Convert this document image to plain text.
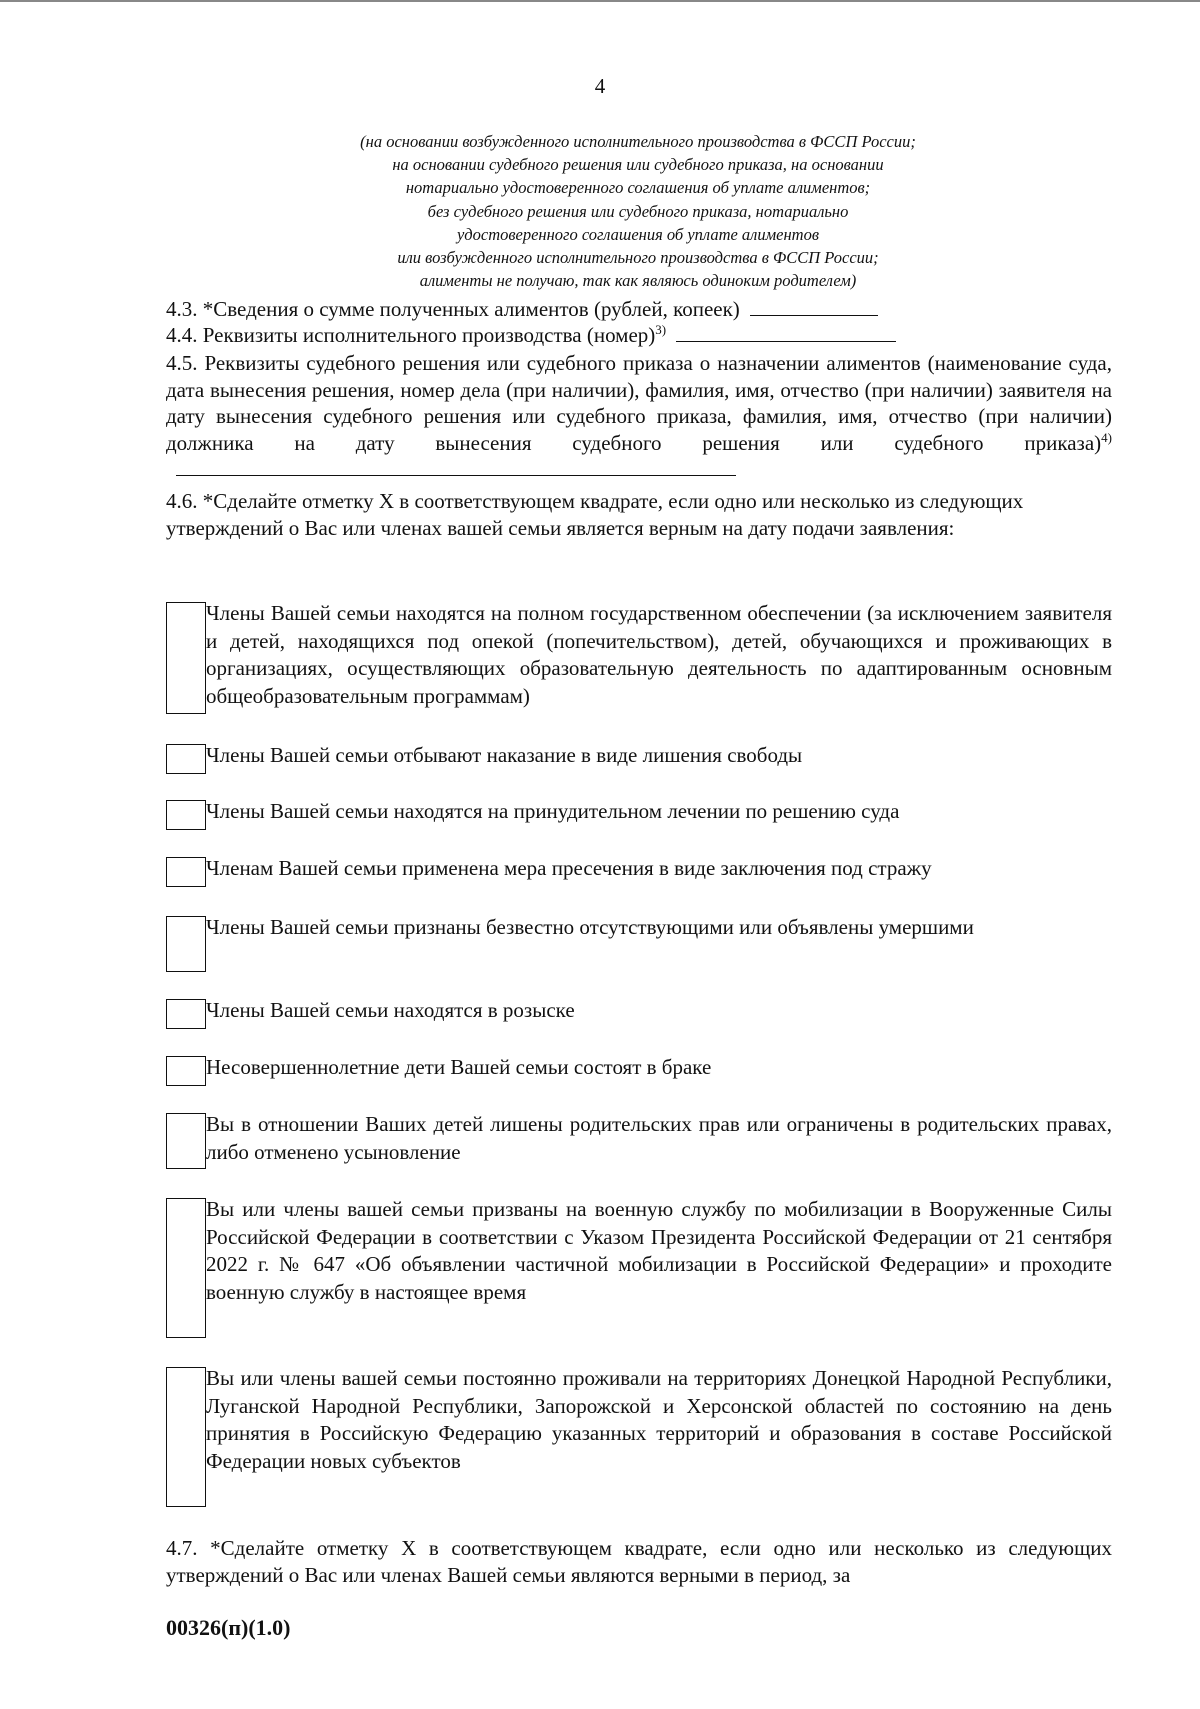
4
(на основании возбужденного исполнительного производства в ФССП России;
на основании судебного решения или судебного приказа, на основании
нотариально удостоверенного соглашения об уплате алиментов;
без судебного решения или судебного приказа, нотариально
удостоверенного соглашения об уплате алиментов
или возбужденного исполнительного производства в ФССП России;
алименты не получаю, так как являюсь одиноким родителем)
4.3. *Сведения о сумме полученных алиментов (рублей, копеек)
4.4. Реквизиты исполнительного производства (номер)$^{3)}$
4.5. Реквизиты судебного решения или судебного приказа о назначении алиментов (наименование суда, дата вынесения решения, номер дела (при наличии), фамилия, имя, отчество (при наличии) заявителя на дату вынесения судебного решения или судебного приказа, фамилия, имя, отчество (при наличии) должника на дату вынесения судебного решения или судебного приказа)$^{4)}$
4.6. *Сделайте отметку Х в соответствующем квадрате, если одно или несколько из следующих утверждений о Вас или членах вашей семьи является верным на дату подачи заявления:
Члены Вашей семьи находятся на полном государственном обеспечении (за исключением заявителя и детей, находящихся под опекой (попечительством), детей, обучающихся и проживающих в организациях, осуществляющих образовательную деятельность по адаптированным основным общеобразовательным программам)
Члены Вашей семьи отбывают наказание в виде лишения свободы
Члены Вашей семьи находятся на принудительном лечении по решению суда
Членам Вашей семьи применена мера пресечения в виде заключения под стражу
Члены Вашей семьи признаны безвестно отсутствующими или объявлены умершими
Члены Вашей семьи находятся в розыске
Несовершеннолетние дети Вашей семьи состоят в браке
Вы в отношении Ваших детей лишены родительских прав или ограничены в родительских правах, либо отменено усыновление
Вы или члены вашей семьи призваны на военную службу по мобилизации в Вооруженные Силы Российской Федерации в соответствии с Указом Президента Российской Федерации от 21 сентября 2022 г. № 647 «Об объявлении частичной мобилизации в Российской Федерации» и проходите военную службу в настоящее время
Вы или члены вашей семьи постоянно проживали на территориях Донецкой Народной Республики, Луганской Народной Республики, Запорожской и Херсонской областей по состоянию на день принятия в Российскую Федерацию указанных территорий и образования в составе Российской Федерации новых субъектов
4.7. *Сделайте отметку Х в соответствующем квадрате, если одно или несколько из следующих утверждений о Вас или членах Вашей семьи являются верными в период, за
00326(п)(1.0)
